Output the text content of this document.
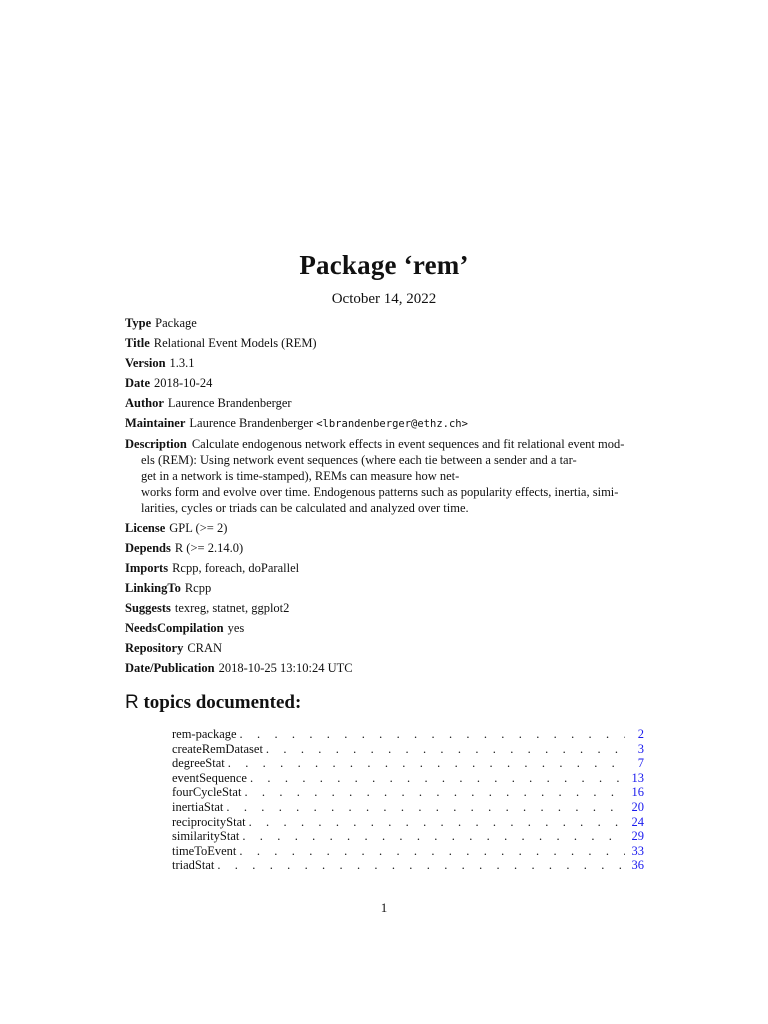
Package ‘rem’
October 14, 2022

Type Package

Title Relational Event Models (REM)

Version 1.3.1

Date 2018-10-24

Author Laurence Brandenberger

Maintainer Laurence Brandenberger <lbrandenberger@ethz.ch>

Description Calculate endogenous network effects in event sequences and fit relational event mod-
els (REM): Using network event sequences (where each tie between a sender and a tar-
get in a network is time-stamped), REMs can measure how net-
works form and evolve over time. Endogenous patterns such as popularity effects, inertia, simi-
larities, cycles or triads can be calculated and analyzed over time.

License GPL (>= 2)

Depends R (>= 2.14.0)

Imports Rcpp, foreach, doParallel

LinkingTo Rcpp

Suggests texreg, statnet, ggplot2

NeedsCompilation yes

Repository CRAN

Date/Publication 2018-10-25 13:10:24 UTC

R topics documented:
rem-package . . .	2
createRemDataset . . .	3
degreeStat . . .	7
eventSequence . . .	13
fourCycleStat . . .	16
inertiaStat . . .	20
reciprocityStat . . .	24
similarityStat . . .	29
timeToEvent . . .	33
triadStat . . .	36
1
